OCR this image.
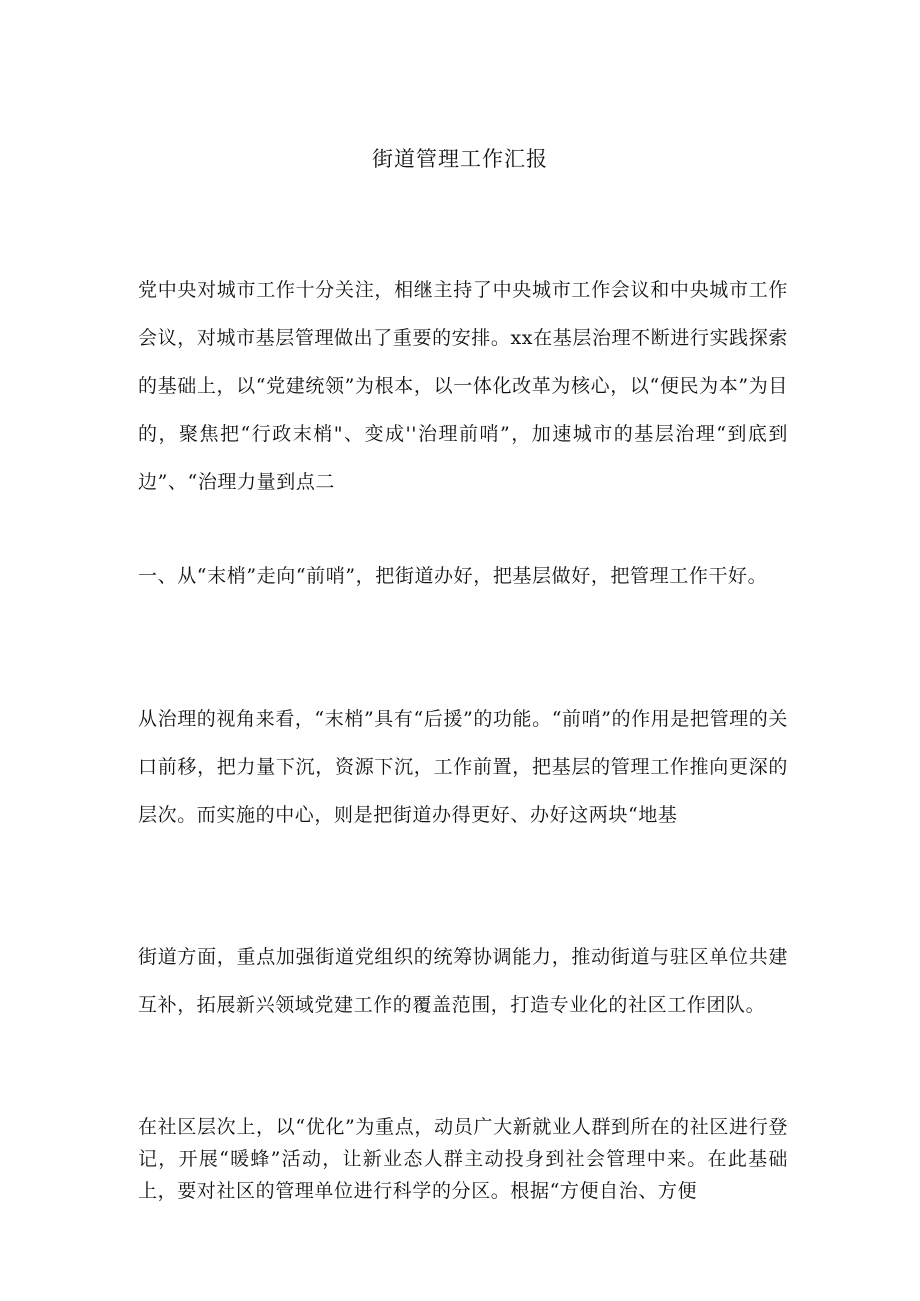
街道管理工作汇报

党中央对城市工作十分关注，相继主持了中央城市工作会议和中央城市工作会议，对城市基层管理做出了重要的安排。xx在基层治理不断进行实践探索的基础上，以“党建统领”为根本，以一体化改革为核心，以“便民为本”为目的，聚焦把“行政末梢"、变成''治理前哨”，加速城市的基层治理“到底到边”、“治理力量到点二

一、从“末梢”走向“前哨”，把街道办好，把基层做好，把管理工作干好。

从治理的视角来看，“末梢”具有“后援”的功能。“前哨”的作用是把管理的关口前移，把力量下沉，资源下沉，工作前置，把基层的管理工作推向更深的层次。而实施的中心，则是把街道办得更好、办好这两块“地基

街道方面，重点加强街道党组织的统筹协调能力，推动街道与驻区单位共建互补，拓展新兴领域党建工作的覆盖范围，打造专业化的社区工作团队。

在社区层次上，以“优化”为重点，动员广大新就业人群到所在的社区进行登记，开展“暖蜂”活动，让新业态人群主动投身到社会管理中来。在此基础上，要对社区的管理单位进行科学的分区。根据“方便自治、方便
